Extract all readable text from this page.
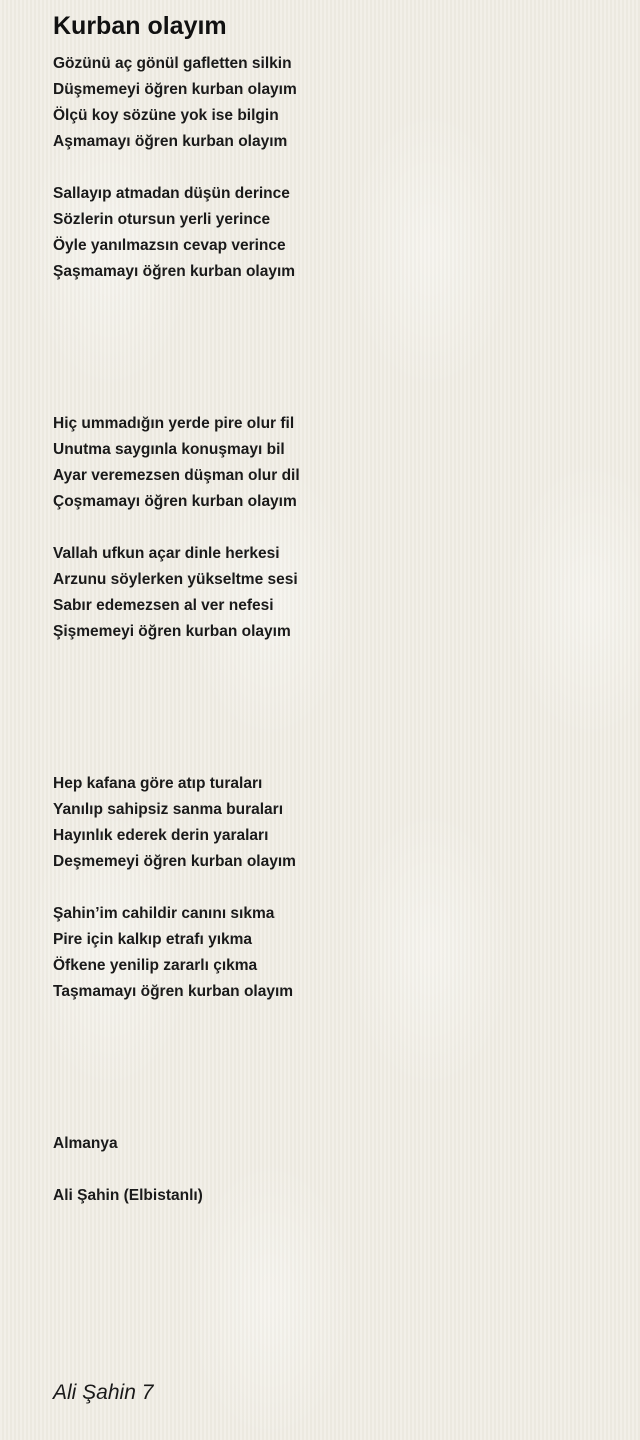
Kurban olayım
Gözünü aç gönül gafletten silkin
Düşmemeyi öğren kurban olayım
Ölçü koy sözüne yok ise bilgin
Aşmamayı öğren kurban olayım
Sallayıp atmadan düşün derince
Sözlerin otursun yerli yerince
Öyle yanılmazsın cevap verince
Şaşmamayı öğren kurban olayım
Hiç ummadığın yerde pire olur fil
Unutma saygınla konuşmayı bil
Ayar veremezsen düşman olur dil
Çoşmamayı öğren kurban olayım
Vallah ufkun açar dinle herkesi
Arzunu söylerken yükseltme sesi
Sabır edemezsen al ver nefesi
Şişmemeyi öğren kurban olayım
Hep kafana göre atıp turaları
Yanılıp sahipsiz sanma buraları
Hayınlık ederek derin yaraları
Deşmemeyi öğren kurban olayım
Şahin’im cahildir canını sıkma
Pire için kalkıp etrafı yıkma
Öfkene yenilip zararlı çıkma
Taşmamayı öğren kurban olayım
Almanya
Ali Şahin (Elbistanlı)
Ali Şahin 7
